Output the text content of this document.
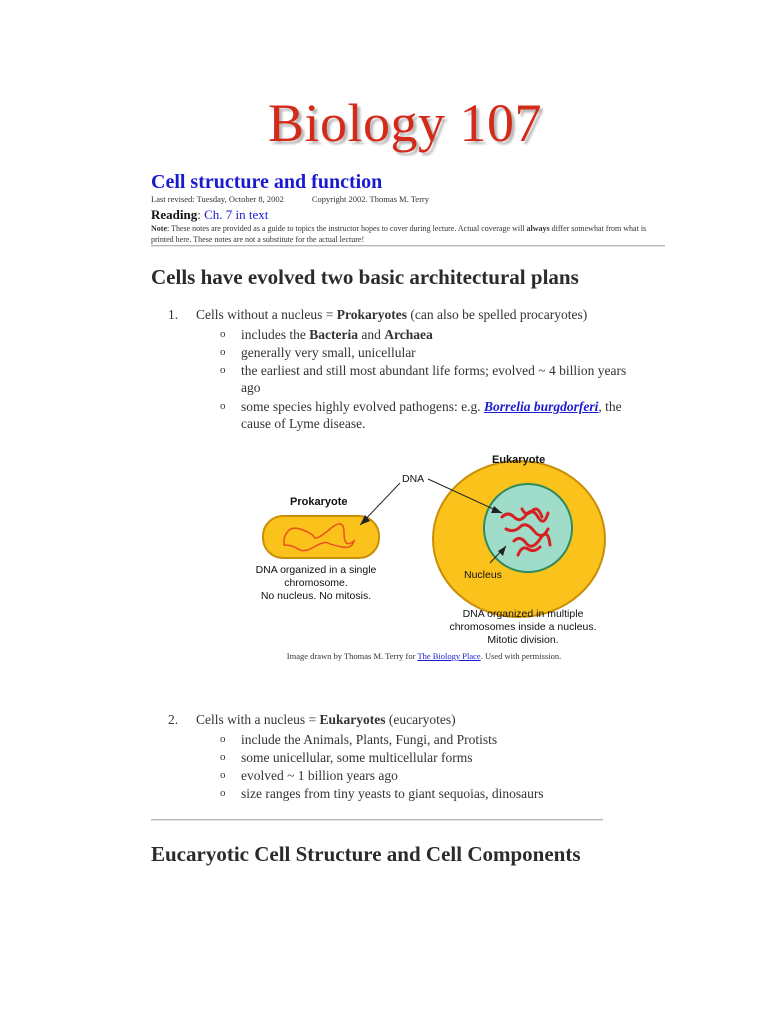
Biology 107
Cell structure and function
Last revised: Tuesday, October 8, 2002	Copyright 2002. Thomas M. Terry
Reading: Ch. 7 in text
Note: These notes are provided as a guide to topics the instructor hopes to cover during lecture. Actual coverage will always differ somewhat from what is printed here. These notes are not a substitute for the actual lecture!
Cells have evolved two basic architectural plans
1. Cells without a nucleus = Prokaryotes (can also be spelled procaryotes)
o includes the Bacteria and Archaea
o generally very small, unicellular
o the earliest and still most abundant life forms; evolved ~ 4 billion years ago
o some species highly evolved pathogens: e.g. Borrelia burgdorferi, the cause of Lyme disease.
Eukaryote
Prokaryote
DNA
Nucleus
DNA organized in a single
chromosome.
No nucleus. No mitosis.
DNA organized in multiple
chromosomes inside a nucleus.
Mitotic division.
Image drawn by Thomas M. Terry for The Biology Place. Used with permission.
2. Cells with a nucleus = Eukaryotes (eucaryotes)
o include the Animals, Plants, Fungi, and Protists
o some unicellular, some multicellular forms
o evolved ~ 1 billion years ago
o size ranges from tiny yeasts to giant sequoias, dinosaurs
Eucaryotic Cell Structure and Cell Components
